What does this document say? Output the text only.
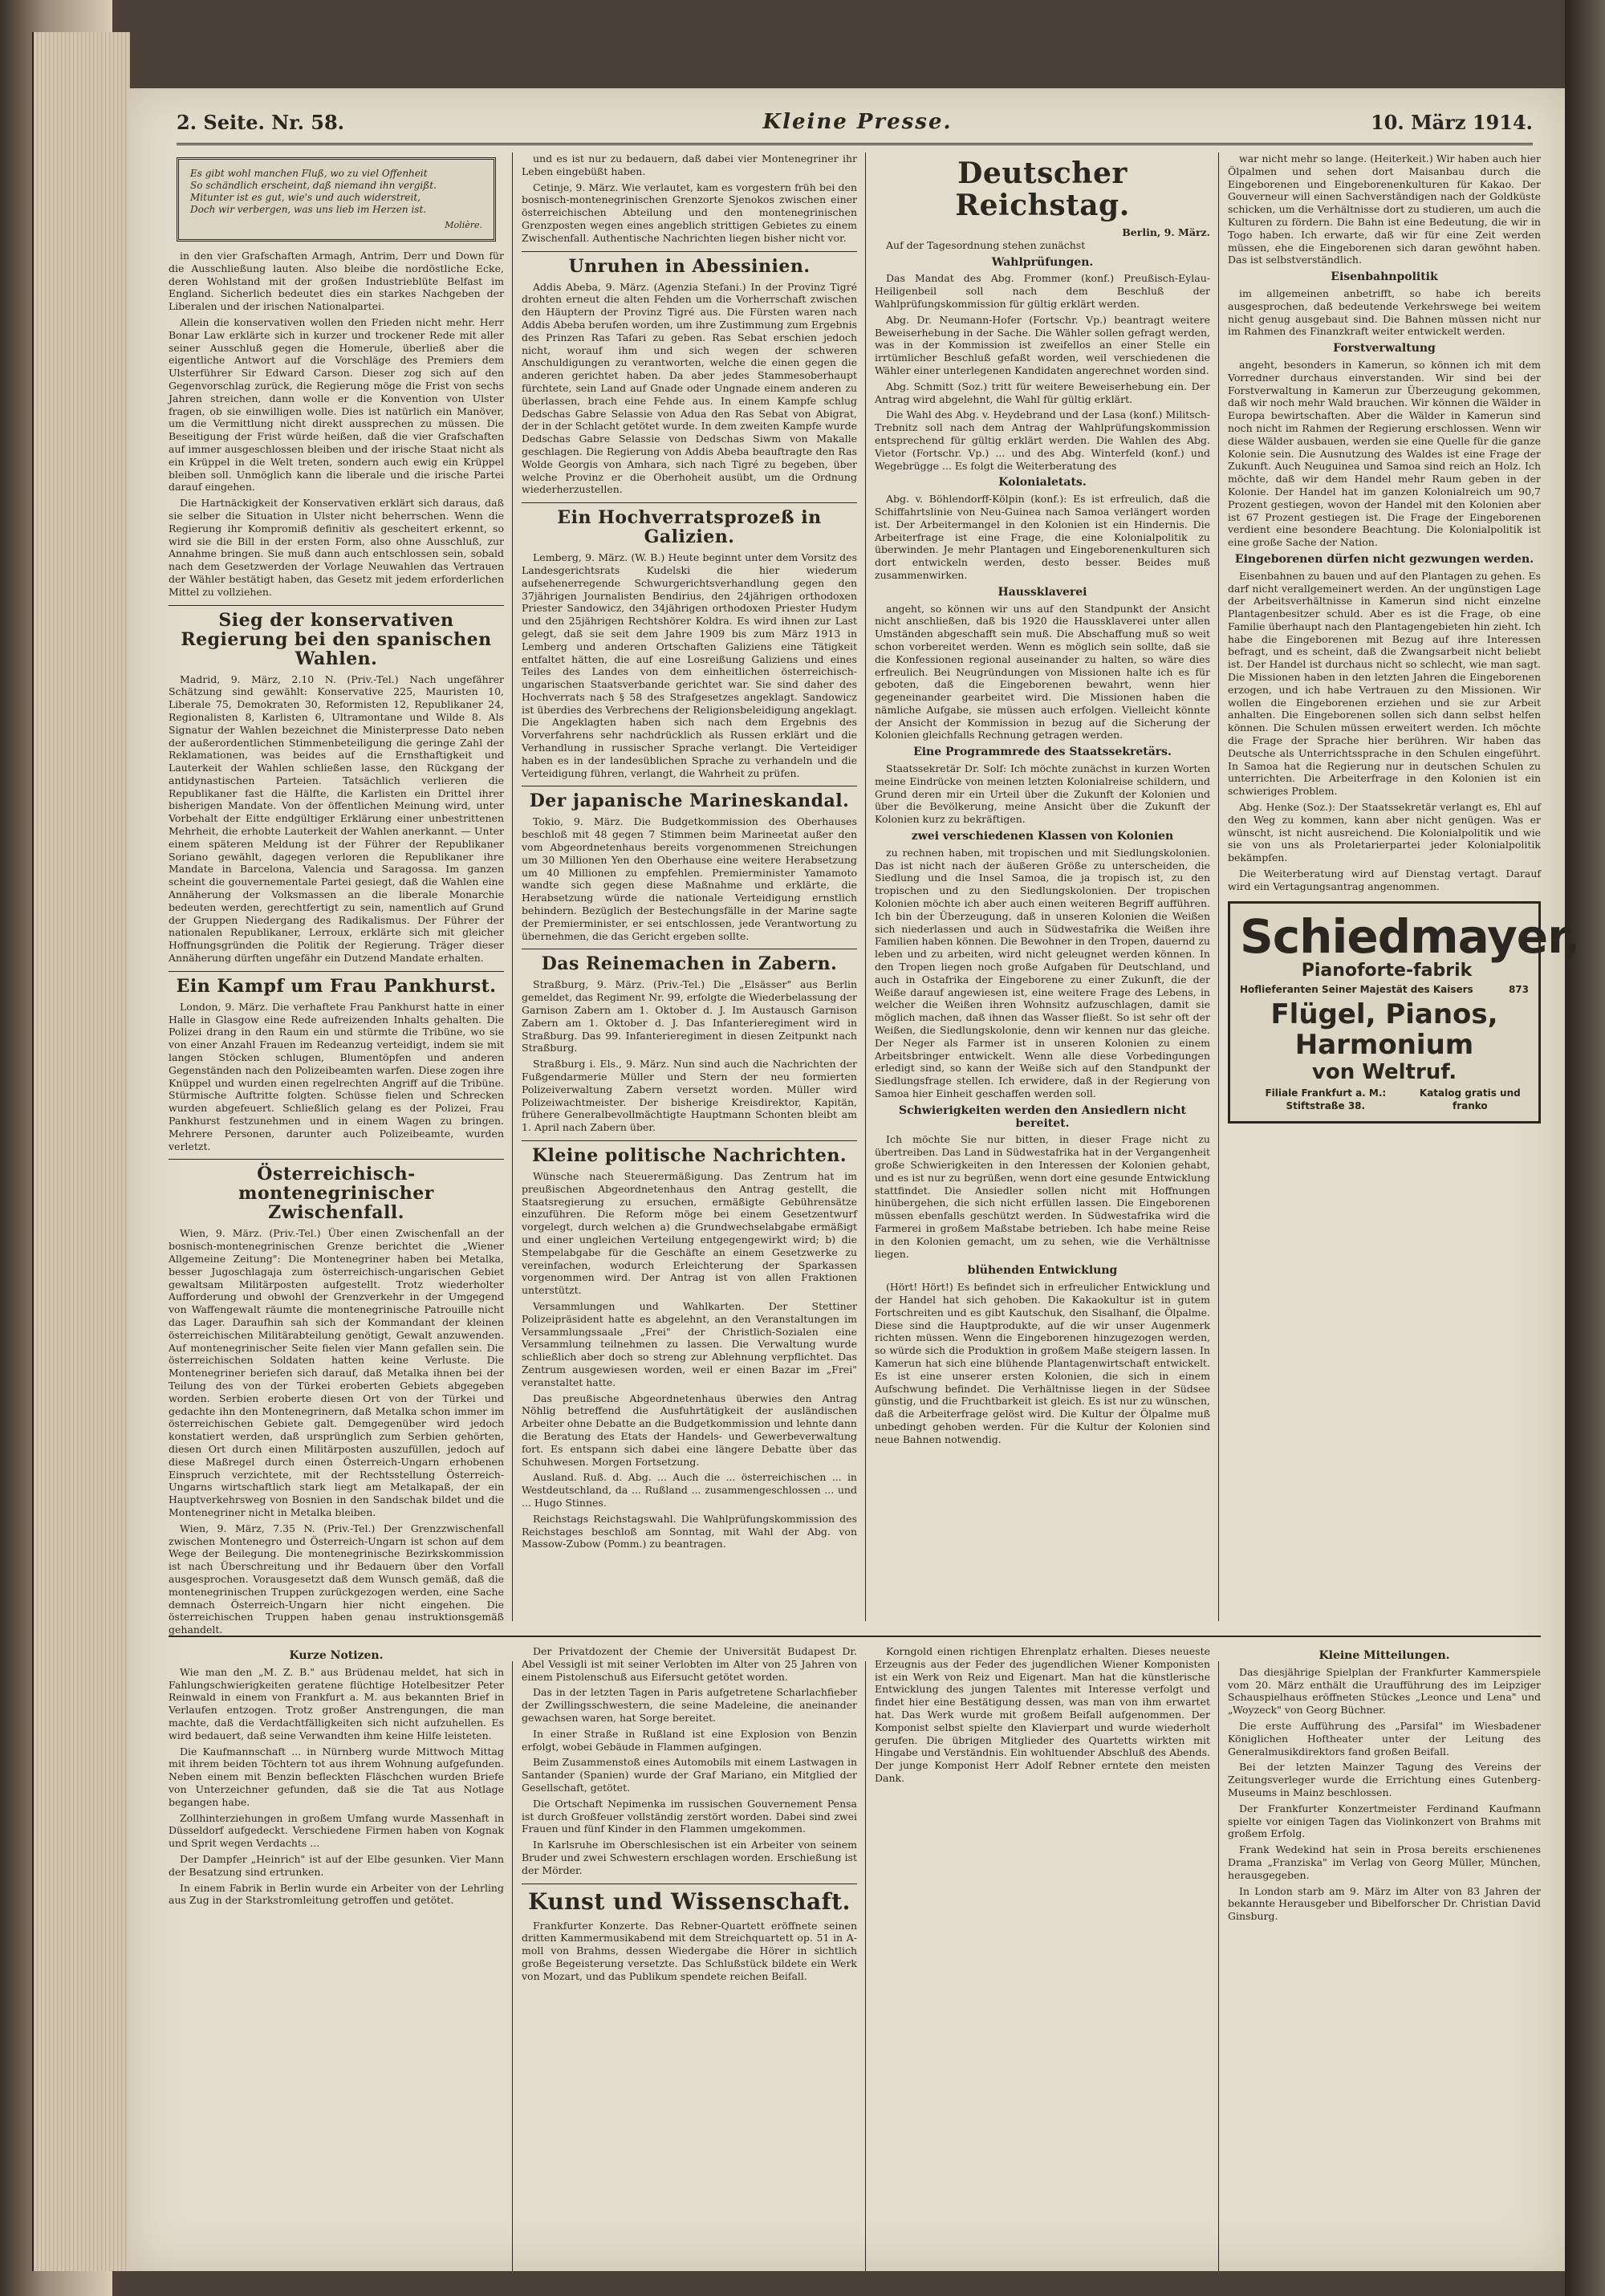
2. Seite. Nr. 58.	Kleine Presse.	10. März 1914.
Es gibt wohl manchen Fluß, wo zu viel Offenheit
So schändlich erscheint, daß niemand ihn vergißt.
Mitunter ist es gut, wie's und auch widerstreit,
Doch wir verbergen, was uns lieb im Herzen ist.
Molière.

in den vier Grafschaften Armagh, Antrim, Derr und Down für die Ausschließung lauten. Also bleibe die nordöstliche Ecke, deren Wohlstand mit der großen Industrieblüte Belfast im England. Sicherlich bedeutet dies ein starkes Nachgeben der Liberalen und der irischen Nationalpartei.

Allein die konservativen wollen den Frieden nicht mehr. Herr Bonar Law erklärte sich in kurzer und trockener Rede mit aller seiner Ausschluß gegen die Homerule, überließ aber die eigentliche Antwort auf die Vorschläge des Premiers dem Ulsterführer Sir Edward Carson. Dieser zog sich auf den Gegenvorschlag zurück, die Regierung möge die Frist von sechs Jahren streichen, dann wolle er die Konvention von Ulster fragen, ob sie einwilligen wolle. Dies ist natürlich ein Manöver, um die Vermittlung nicht direkt aussprechen zu müssen. Die Beseitigung der Frist würde heißen, daß die vier Grafschaften auf immer ausgeschlossen bleiben und der irische Staat nicht als ein Krüppel in die Welt treten, sondern auch ewig ein Krüppel bleiben soll. Unmöglich kann die liberale und die irische Partei darauf eingehen.

Die Hartnäckigkeit der Konservativen erklärt sich daraus, daß sie selber die Situation in Ulster nicht beherrschen. Wenn die Regierung ihr Kompromiß definitiv als gescheitert erkennt, so wird sie die Bill in der ersten Form, also ohne Ausschluß, zur Annahme bringen. Sie muß dann auch entschlossen sein, sobald nach dem Gesetzwerden der Vorlage Neuwahlen das Vertrauen der Wähler bestätigt haben, das Gesetz mit jedem erforderlichen Mittel zu vollziehen.

Sieg der konservativen Regierung bei den spanischen Wahlen.

Madrid, 9. März, 2.10 N. (Priv.-Tel.) Nach ungefährer Schätzung sind gewählt: Konservative 225, Mauristen 10, Liberale 75, Demokraten 30, Reformisten 12, Republikaner 24, Regionalisten 8, Karlisten 6, Ultramontane und Wilde 8. Als Signatur der Wahlen bezeichnet die Ministerpresse Dato neben der außerordentlichen Stimmenbeteiligung die geringe Zahl der Reklamationen, was beides auf die Ernsthaftigkeit und Lauterkeit der Wahlen schließen lasse, den Rückgang der antidynastischen Parteien. Tatsächlich verlieren die Republikaner fast die Hälfte, die Karlisten ein Drittel ihrer bisherigen Mandate. Von der öffentlichen Meinung wird, unter Vorbehalt der Eitte endgültiger Erklärung einer unbestrittenen Mehrheit, die erhobte Lauterkeit der Wahlen anerkannt. — Unter einem späteren Meldung ist der Führer der Republikaner Soriano gewählt, dagegen verloren die Republikaner ihre Mandate in Barcelona, Valencia und Saragossa. Im ganzen scheint die gouvernementale Partei gesiegt, daß die Wahlen eine Annäherung der Volksmassen an die liberale Monarchie bedeuten werden, gerechtfertigt zu sein, namentlich auf Grund der Gruppen Niedergang des Radikalismus. Der Führer der nationalen Republikaner, Lerroux, erklärte sich mit gleicher Hoffnungsgründen die Politik der Regierung. Träger dieser Annäherung dürften ungefähr ein Dutzend Mandate erhalten.

Ein Kampf um Frau Pankhurst.

London, 9. März. Die verhaftete Frau Pankhurst hatte in einer Halle in Glasgow eine Rede aufreizenden Inhalts gehalten. Die Polizei drang in den Raum ein und stürmte die Tribüne, wo sie von einer Anzahl Frauen im Redeanzug verteidigt, indem sie mit langen Stöcken schlugen, Blumentöpfen und anderen Gegenständen nach den Polizeibeamten warfen. Diese zogen ihre Knüppel und wurden einen regelrechten Angriff auf die Tribüne. Stürmische Auftritte folgten. Schüsse fielen und Schrecken wurden abgefeuert. Schließlich gelang es der Polizei, Frau Pankhurst festzunehmen und in einem Wagen zu bringen. Mehrere Personen, darunter auch Polizeibeamte, wurden verletzt.

Österreichisch-montenegrinischer Zwischenfall.

Wien, 9. März. (Priv.-Tel.) Über einen Zwischenfall an der bosnisch-montenegrinischen Grenze berichtet die „Wiener Allgemeine Zeitung": Die Montenegriner haben bei Metalka, besser Jugoschlagaja zum österreichisch-ungarischen Gebiet gewaltsam Militärposten aufgestellt. Trotz wiederholter Aufforderung und obwohl der Grenzverkehr in der Umgegend von Waffengewalt räumte die montenegrinische Patrouille nicht das Lager. Daraufhin sah sich der Kommandant der kleinen österreichischen Militärabteilung genötigt, Gewalt anzuwenden. Auf montenegrinischer Seite fielen vier Mann gefallen sein. Die österreichischen Soldaten hatten keine Verluste. Die Montenegriner beriefen sich darauf, daß Metalka ihnen bei der Teilung des von der Türkei eroberten Gebiets abgegeben worden. Serbien eroberte diesen Ort von der Türkei und gedachte ihn den Montenegrinern, daß Metalka schon immer im österreichischen Gebiete galt. Demgegenüber wird jedoch konstatiert werden, daß ursprünglich zum Serbien gehörten, diesen Ort durch einen Militärposten auszufüllen, jedoch auf diese Maßregel durch einen Österreich-Ungarn erhobenen Einspruch verzichtete, mit der Rechtsstellung Österreich-Ungarns wirtschaftlich stark liegt am Metalkapaß, der ein Hauptverkehrsweg von Bosnien in den Sandschak bildet und die Montenegriner nicht in Metalka bleiben.

Wien, 9. März, 7.35 N. (Priv.-Tel.) Der Grenzzwischenfall zwischen Montenegro und Österreich-Ungarn ist schon auf dem Wege der Beilegung. Die montenegrinische Bezirkskommission ist nach Überschreitung und ihr Bedauern über den Vorfall ausgesprochen. Vorausgesetzt daß dem Wunsch gemäß, daß die montenegrinischen Truppen zurückgezogen werden, eine Sache demnach Österreich-Ungarn hier nicht eingehen. Die österreichischen Truppen haben genau instruktionsgemäß gehandelt.

und es ist nur zu bedauern, daß dabei vier Montenegriner ihr Leben eingebüßt haben.

Cetinje, 9. März. Wie verlautet, kam es vorgestern früh bei den bosnisch-montenegrinischen Grenzorte Sjenokos zwischen einer österreichischen Abteilung und den montenegrinischen Grenzposten wegen eines angeblich strittigen Gebietes zu einem Zwischenfall. Authentische Nachrichten liegen bisher nicht vor.

Unruhen in Abessinien.

Addis Abeba, 9. März. (Agenzia Stefani.) In der Provinz Tigré drohten erneut die alten Fehden um die Vorherrschaft zwischen den Häuptern der Provinz Tigré aus. Die Fürsten waren nach Addis Abeba berufen worden, um ihre Zustimmung zum Ergebnis des Prinzen Ras Tafari zu geben. Ras Sebat erschien jedoch nicht, worauf ihm und sich wegen der schweren Anschuldigungen zu verantworten, welche die einen gegen die anderen gerichtet haben. Da aber jedes Stammesoberhaupt fürchtete, sein Land auf Gnade oder Ungnade einem anderen zu überlassen, brach eine Fehde aus. In einem Kampfe schlug Dedschas Gabre Selassie von Adua den Ras Sebat von Abigrat, der in der Schlacht getötet wurde. In dem zweiten Kampfe wurde Dedschas Gabre Selassie von Dedschas Siwm von Makalle geschlagen. Die Regierung von Addis Abeba beauftragte den Ras Wolde Georgis von Amhara, sich nach Tigré zu begeben, über welche Provinz er die Oberhoheit ausübt, um die Ordnung wiederherzustellen.

Ein Hochverratsprozeß in Galizien.

Lemberg, 9. März. (W. B.) Heute beginnt unter dem Vorsitz des Landesgerichtsrats Kudelski die hier wiederum aufsehenerregende Schwurgerichtsverhandlung gegen den 37jährigen Journalisten Bendirius, den 24jährigen orthodoxen Priester Sandowicz, den 34jährigen orthodoxen Priester Hudym und den 25jährigen Rechtshörer Koldra. Es wird ihnen zur Last gelegt, daß sie seit dem Jahre 1909 bis zum März 1913 in Lemberg und anderen Ortschaften Galiziens eine Tätigkeit entfaltet hätten, die auf eine Losreißung Galiziens und eines Teiles des Landes von dem einheitlichen österreichisch-ungarischen Staatsverbande gerichtet war. Sie sind daher des Hochverrats nach § 58 des Strafgesetzes angeklagt. Sandowicz ist überdies des Verbrechens der Religionsbeleidigung angeklagt. Die Angeklagten haben sich nach dem Ergebnis des Vorverfahrens sehr nachdrücklich als Russen erklärt und die Verhandlung in russischer Sprache verlangt. Die Verteidiger haben es in der landesüblichen Sprache zu verhandeln und die Verteidigung führen, verlangt, die Wahrheit zu prüfen.

Der japanische Marineskandal.

Tokio, 9. März. Die Budgetkommission des Oberhauses beschloß mit 48 gegen 7 Stimmen beim Marineetat außer den vom Abgeordnetenhaus bereits vorgenommenen Streichungen um 30 Millionen Yen den Oberhause eine weitere Herabsetzung um 40 Millionen zu empfehlen. Premierminister Yamamoto wandte sich gegen diese Maßnahme und erklärte, die Herabsetzung würde die nationale Verteidigung ernstlich behindern. Bezüglich der Bestechungsfälle in der Marine sagte der Premierminister, er sei entschlossen, jede Verantwortung zu übernehmen, die das Gericht ergeben sollte.

Das Reinemachen in Zabern.

Straßburg, 9. März. (Priv.-Tel.) Die „Elsässer" aus Berlin gemeldet, das Regiment Nr. 99, erfolgte die Wiederbelassung der Garnison Zabern am 1. Oktober d. J. Im Austausch Garnison Zabern am 1. Oktober d. J. Das Infanterieregiment wird in Straßburg. Das 99. Infanterieregiment in diesen Zeitpunkt nach Straßburg.

Straßburg i. Els., 9. März. Nun sind auch die Nachrichten der Fußgendarmerie Müller und Stern der neu formierten Polizeiverwaltung Zabern versetzt worden. Müller wird Polizeiwachtmeister. Der bisherige Kreisdirektor, Kapitän, frühere Generalbevollmächtigte Hauptmann Schonten bleibt am 1. April nach Zabern über.

Kleine politische Nachrichten.

Wünsche nach Steuerermäßigung. Das Zentrum hat im preußischen Abgeordnetenhaus den Antrag gestellt, die Staatsregierung zu ersuchen, ermäßigte Gebührensätze einzuführen. Die Reform möge bei einem Gesetzentwurf vorgelegt, durch welchen a) die Grundwechselabgabe ermäßigt und einer ungleichen Verteilung entgegengewirkt wird; b) die Stempelabgabe für die Geschäfte an einem Gesetzwerke zu vereinfachen, wodurch Erleichterung der Sparkassen vorgenommen wird. Der Antrag ist von allen Fraktionen unterstützt.

Versammlungen und Wahlkarten. Der Stettiner Polizeipräsident hatte es abgelehnt, an den Veranstaltungen im Versammlungssaale „Frei" der Christlich-Sozialen eine Versammlung teilnehmen zu lassen. Die Verwaltung wurde schließlich aber doch so streng zur Ablehnung verpflichtet. Das Zentrum ausgewiesen worden, weil er einen Bazar im „Frei" veranstaltet hatte.

Das preußische Abgeordnetenhaus überwies den Antrag Nöhlig betreffend die Ausfuhrtätigkeit der ausländischen Arbeiter ohne Debatte an die Budgetkommission und lehnte dann die Beratung des Etats der Handels- und Gewerbeverwaltung fort. Es entspann sich dabei eine längere Debatte über das Schuhwesen. Morgen Fortsetzung.

Ausland. Ruß. d. Abg. ... Auch die ... österreichischen ... in Westdeutschland, da ... Rußland ... zusammengeschlossen ... und ... Hugo Stinnes.

Reichstags Reichstagswahl. Die Wahlprüfungskommission des Reichstages beschloß am Sonntag, mit Wahl der Abg. von Massow-Zubow (Pomm.) zu beantragen.

Deutscher Reichstag.
Berlin, 9. März.

Auf der Tagesordnung stehen zunächst

Wahlprüfungen.

Das Mandat des Abg. Frommer (konf.) Preußisch-Eylau-Heiligenbeil soll nach dem Beschluß der Wahlprüfungskommission für gültig erklärt werden.

Abg. Dr. Neumann-Hofer (Fortschr. Vp.) beantragt weitere Beweiserhebung in der Sache. Die Wähler sollen gefragt werden, was in der Kommission ist zweifellos an einer Stelle ein irrtümlicher Beschluß gefaßt worden, weil verschiedenen die Wähler einer unterlegenen Kandidaten angerechnet worden sind.

Abg. Schmitt (Soz.) tritt für weitere Beweiserhebung ein. Der Antrag wird abgelehnt, die Wahl für gültig erklärt.

Die Wahl des Abg. v. Heydebrand und der Lasa (konf.) Militsch-Trebnitz soll nach dem Antrag der Wahlprüfungskommission entsprechend für gültig erklärt werden. Die Wahlen des Abg. Vietor (Fortschr. Vp.) ... und des Abg. Winterfeld (konf.) und Wegebrügge ... Es folgt die Weiterberatung des

Kolonialetats.

Abg. v. Böhlendorff-Kölpin (konf.): Es ist erfreulich, daß die Schiffahrtslinie von Neu-Guinea nach Samoa verlängert worden ist. Der Arbeitermangel in den Kolonien ist ein Hindernis. Die Arbeiterfrage ist eine Frage, die eine Kolonialpolitik zu überwinden. Je mehr Plantagen und Eingeborenenkulturen sich dort entwickeln werden, desto besser. Beides muß zusammenwirken.

Haussklaverei

angeht, so können wir uns auf den Standpunkt der Ansicht nicht anschließen, daß bis 1920 die Haussklaverei unter allen Umständen abgeschafft sein muß. Die Abschaffung muß so weit schon vorbereitet werden. Wenn es möglich sein sollte, daß sie die Konfessionen regional auseinander zu halten, so wäre dies erfreulich. Bei Neugründungen von Missionen halte ich es für geboten, daß die Eingeborenen bewahrt, wenn hier gegeneinander gearbeitet wird. Die Missionen haben die nämliche Aufgabe, sie müssen auch erfolgen. Vielleicht könnte der Ansicht der Kommission in bezug auf die Sicherung der Kolonien gleichfalls Rechnung getragen werden.

Eine Programmrede des Staatssekretärs.

Staatssekretär Dr. Solf: Ich möchte zunächst in kurzen Worten meine Eindrücke von meinen letzten Kolonialreise schildern, und Grund deren mir ein Urteil über die Zukunft der Kolonien und über die Bevölkerung, meine Ansicht über die Zukunft der Kolonien kurz zu bekräftigen.

zwei verschiedenen Klassen von Kolonien

zu rechnen haben, mit tropischen und mit Siedlungskolonien. Das ist nicht nach der äußeren Größe zu unterscheiden, die Siedlung und die Insel Samoa, die ja tropisch ist, zu den tropischen und zu den Siedlungskolonien. Der tropischen Kolonien möchte ich aber auch einen weiteren Begriff aufführen. Ich bin der Überzeugung, daß in unseren Kolonien die Weißen sich niederlassen und auch in Südwestafrika die Weißen ihre Familien haben können. Die Bewohner in den Tropen, dauernd zu leben und zu arbeiten, wird nicht geleugnet werden können. In den Tropen liegen noch große Aufgaben für Deutschland, und auch in Ostafrika der Eingeborene zu einer Zukunft, die der Weiße darauf angewiesen ist, eine weitere Frage des Lebens, in welcher die Weißen ihren Wohnsitz aufzuschlagen, damit sie möglich machen, daß ihnen das Wasser fließt. So ist sehr oft der Weißen, die Siedlungskolonie, denn wir kennen nur das gleiche. Der Neger als Farmer ist in unseren Kolonien zu einem Arbeitsbringer entwickelt. Wenn alle diese Vorbedingungen erledigt sind, so kann der Weiße sich auf den Standpunkt der Siedlungsfrage stellen. Ich erwidere, daß in der Regierung von Samoa hier Einheit geschaffen werden soll.

Schwierigkeiten werden den Ansiedlern nicht bereitet.

Ich möchte Sie nur bitten, in dieser Frage nicht zu übertreiben. Das Land in Südwestafrika hat in der Vergangenheit große Schwierigkeiten in den Interessen der Kolonien gehabt, und es ist nur zu begrüßen, wenn dort eine gesunde Entwicklung stattfindet. Die Ansiedler sollen nicht mit Hoffnungen hinübergehen, die sich nicht erfüllen lassen. Die Eingeborenen müssen ebenfalls geschützt werden. In Südwestafrika wird die Farmerei in großem Maßstabe betrieben. Ich habe meine Reise in den Kolonien gemacht, um zu sehen, wie die Verhältnisse liegen.

blühenden Entwicklung

(Hört! Hört!) Es befindet sich in erfreulicher Entwicklung und der Handel hat sich gehoben. Die Kakaokultur ist in gutem Fortschreiten und es gibt Kautschuk, den Sisalhanf, die Ölpalme. Diese sind die Hauptprodukte, auf die wir unser Augenmerk richten müssen. Wenn die Eingeborenen hinzugezogen werden, so würde sich die Produktion in großem Maße steigern lassen. In Kamerun hat sich eine blühende Plantagenwirtschaft entwickelt. Es ist eine unserer ersten Kolonien, die sich in einem Aufschwung befindet. Die Verhältnisse liegen in der Südsee günstig, und die Fruchtbarkeit ist gleich. Es ist nur zu wünschen, daß die Arbeiterfrage gelöst wird. Die Kultur der Ölpalme muß unbedingt gehoben werden. Für die Kultur der Kolonien sind neue Bahnen notwendig.

war nicht mehr so lange. (Heiterkeit.) Wir haben auch hier Ölpalmen und sehen dort Maisanbau durch die Eingeborenen und Eingeborenenkulturen für Kakao. Der Gouverneur will einen Sachverständigen nach der Goldküste schicken, um die Verhältnisse dort zu studieren, um auch die Kulturen zu fördern. Die Bahn ist eine Bedeutung, die wir in Togo haben. Ich erwarte, daß wir für eine Zeit werden müssen, ehe die Eingeborenen sich daran gewöhnt haben. Das ist selbstverständlich.

Eisenbahnpolitik

im allgemeinen anbetrifft, so habe ich bereits ausgesprochen, daß bedeutende Verkehrswege bei weitem nicht genug ausgebaut sind. Die Bahnen müssen nicht nur im Rahmen des Finanzkraft weiter entwickelt werden.

Forstverwaltung

angeht, besonders in Kamerun, so können ich mit dem Vorredner durchaus einverstanden. Wir sind bei der Forstverwaltung in Kamerun zur Überzeugung gekommen, daß wir noch mehr Wald brauchen. Wir können die Wälder in Europa bewirtschaften. Aber die Wälder in Kamerun sind noch nicht im Rahmen der Regierung erschlossen. Wenn wir diese Wälder ausbauen, werden sie eine Quelle für die ganze Kolonie sein. Die Ausnutzung des Waldes ist eine Frage der Zukunft. Auch Neuguinea und Samoa sind reich an Holz. Ich möchte, daß wir dem Handel mehr Raum geben in der Kolonie. Der Handel hat im ganzen Kolonialreich um 90,7 Prozent gestiegen, wovon der Handel mit den Kolonien aber ist 67 Prozent gestiegen ist. Die Frage der Eingeborenen verdient eine besondere Beachtung. Die Kolonialpolitik ist eine große Sache der Nation.

Eingeborenen dürfen nicht gezwungen werden.

Eisenbahnen zu bauen und auf den Plantagen zu gehen. Es darf nicht verallgemeinert werden. An der ungünstigen Lage der Arbeitsverhältnisse in Kamerun sind nicht einzelne Plantagenbesitzer schuld. Aber es ist die Frage, ob eine Familie überhaupt nach den Plantagengebieten hin zieht. Ich habe die Eingeborenen mit Bezug auf ihre Interessen befragt, und es scheint, daß die Zwangsarbeit nicht beliebt ist. Der Handel ist durchaus nicht so schlecht, wie man sagt. Die Missionen haben in den letzten Jahren die Eingeborenen erzogen, und ich habe Vertrauen zu den Missionen. Wir wollen die Eingeborenen erziehen und sie zur Arbeit anhalten. Die Eingeborenen sollen sich dann selbst helfen können. Die Schulen müssen erweitert werden. Ich möchte die Frage der Sprache hier berühren. Wir haben das Deutsche als Unterrichtssprache in den Schulen eingeführt. In Samoa hat die Regierung nur in deutschen Schulen zu unterrichten. Die Arbeiterfrage in den Kolonien ist ein schwieriges Problem.

Abg. Henke (Soz.): Der Staatssekretär verlangt es, Ehl auf den Weg zu kommen, kann aber nicht genügen. Was er wünscht, ist nicht ausreichend. Die Kolonialpolitik und wie sie von uns als Proletarierpartei jeder Kolonialpolitik bekämpfen.

Die Weiterberatung wird auf Dienstag vertagt. Darauf wird ein Vertagungsantrag angenommen.

Schiedmayer, Pianoforte-fabrik
Hoflieferanten Seiner Majestät des Kaisers	873
Flügel, Pianos, Harmonium
von Weltruf.
Filiale Frankfurt a. M.: Stiftstraße 38.
Katalog gratis und franko
Kurze Notizen.

Wie man den „M. Z. B." aus Brüdenau meldet, hat sich in Fahlungschwierigkeiten geratene flüchtige Hotelbesitzer Peter Reinwald in einem von Frankfurt a. M. aus bekannten Brief in Verlaufen entzogen. Trotz großer Anstrengungen, die man machte, daß die Verdachtfälligkeiten sich nicht aufzuhellen. Es wird bedauert, daß seine Verwandten ihm keine Hilfe leisteten.

Die Kaufmannschaft ... in Nürnberg wurde Mittwoch Mittag mit ihrem beiden Töchtern tot aus ihrem Wohnung aufgefunden. Neben einem mit Benzin befleckten Fläschchen wurden Briefe von Unterzeichner gefunden, daß sie die Tat aus Notlage begangen habe.

Zollhinterziehungen in großem Umfang wurde Massenhaft in Düsseldorf aufgedeckt. Verschiedene Firmen haben von Kognak und Sprit wegen Verdachts ...

Der Dampfer „Heinrich" ist auf der Elbe gesunken. Vier Mann der Besatzung sind ertrunken.

In einem Fabrik in Berlin wurde ein Arbeiter von der Lehrling aus Zug in der Starkstromleitung getroffen und getötet.

Der Privatdozent der Chemie der Universität Budapest Dr. Abel Vessigli ist mit seiner Verlobten im Alter von 25 Jahren von einem Pistolenschuß aus Eifersucht getötet worden.

Das in der letzten Tagen in Paris aufgetretene Scharlachfieber der Zwillingsschwestern, die seine Madeleine, die aneinander gewachsen waren, hat Sorge bereitet.

In einer Straße in Rußland ist eine Explosion von Benzin erfolgt, wobei Gebäude in Flammen aufgingen.

Beim Zusammenstoß eines Automobils mit einem Lastwagen in Santander (Spanien) wurde der Graf Mariano, ein Mitglied der Gesellschaft, getötet.

Die Ortschaft Nepimenka im russischen Gouvernement Pensa ist durch Großfeuer vollständig zerstört worden. Dabei sind zwei Frauen und fünf Kinder in den Flammen umgekommen.

In Karlsruhe im Oberschlesischen ist ein Arbeiter von seinem Bruder und zwei Schwestern erschlagen worden. Erschießung ist der Mörder.

Kunst und Wissenschaft.

Frankfurter Konzerte. Das Rebner-Quartett eröffnete seinen dritten Kammermusikabend mit dem Streichquartett op. 51 in A-moll von Brahms, dessen Wiedergabe die Hörer in sichtlich große Begeisterung versetzte. Das Schlußstück bildete ein Werk von Mozart, und das Publikum spendete reichen Beifall.

Korngold einen richtigen Ehrenplatz erhalten. Dieses neueste Erzeugnis aus der Feder des jugendlichen Wiener Komponisten ist ein Werk von Reiz und Eigenart. Man hat die künstlerische Entwicklung des jungen Talentes mit Interesse verfolgt und findet hier eine Bestätigung dessen, was man von ihm erwartet hat. Das Werk wurde mit großem Beifall aufgenommen. Der Komponist selbst spielte den Klavierpart und wurde wiederholt gerufen. Die übrigen Mitglieder des Quartetts wirkten mit Hingabe und Verständnis. Ein wohltuender Abschluß des Abends. Der junge Komponist Herr Adolf Rebner erntete den meisten Dank.

Kleine Mitteilungen.

Das diesjährige Spielplan der Frankfurter Kammerspiele vom 20. März enthält die Uraufführung des im Leipziger Schauspielhaus eröffneten Stückes „Leonce und Lena" und „Woyzeck" von Georg Büchner.

Die erste Aufführung des „Parsifal" im Wiesbadener Königlichen Hoftheater unter der Leitung des Generalmusikdirektors fand großen Beifall.

Bei der letzten Mainzer Tagung des Vereins der Zeitungsverleger wurde die Errichtung eines Gutenberg-Museums in Mainz beschlossen.

Der Frankfurter Konzertmeister Ferdinand Kaufmann spielte vor einigen Tagen das Violinkonzert von Brahms mit großem Erfolg.

Frank Wedekind hat sein in Prosa bereits erschienenes Drama „Franziska" im Verlag von Georg Müller, München, herausgegeben.

In London starb am 9. März im Alter von 83 Jahren der bekannte Herausgeber und Bibelforscher Dr. Christian David Ginsburg.
